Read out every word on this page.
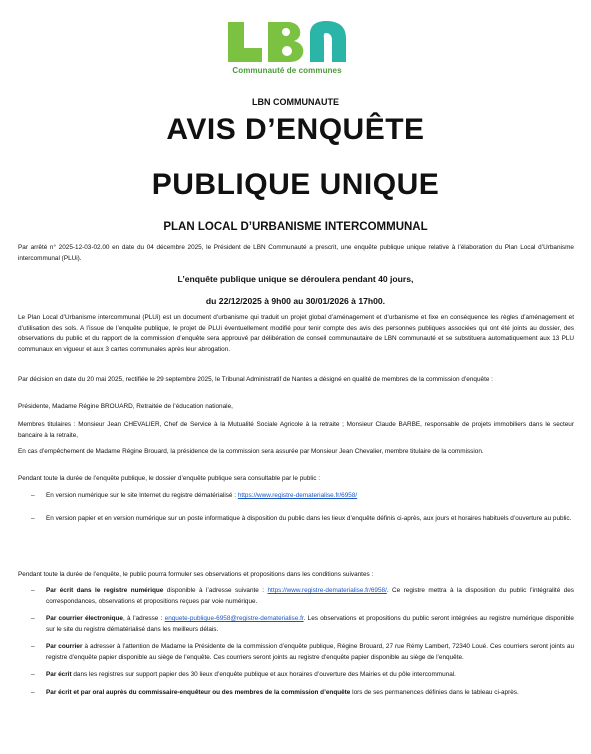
Communauté de communes
LBN COMMUNAUTE
AVIS D’ENQUÊTE
PUBLIQUE UNIQUE
PLAN LOCAL D’URBANISME INTERCOMMUNAL

Par arrêté n° 2025-12-03-02.00 en date du 04 décembre 2025, le Président de LBN Communauté a prescrit, une enquête publique unique relative à l’élaboration du Plan Local d’Urbanisme intercommunal (PLUi).

L’enquête publique unique se déroulera pendant 40 jours,
du 22/12/2025 à 9h00 au 30/01/2026 à 17h00.

Le Plan Local d’Urbanisme intercommunal (PLUi) est un document d’urbanisme qui traduit un projet global d’aménagement et d’urbanisme et fixe en conséquence les règles d’aménagement et d’utilisation des sols. A l’issue de l’enquête publique, le projet de PLUi éventuellement modifié pour tenir compte des avis des personnes publiques associées qui ont été joints au dossier, des observations du public et du rapport de la commission d’enquête sera approuvé par délibération de conseil communautaire de LBN communauté et se substituera automatiquement aux 13 PLU communaux en vigueur et aux 3 cartes communales après leur abrogation.

Par décision en date du 20 mai 2025, rectifiée le 29 septembre 2025, le Tribunal Administratif de Nantes a désigné en qualité de membres de la commission d’enquête :

Présidente, Madame Régine BROUARD, Retraitée de l’éducation nationale,

Membres titulaires : Monsieur Jean CHEVALIER, Chef de Service à la Mutualité Sociale Agricole à la retraite ; Monsieur Claude BARBE, responsable de projets immobiliers dans le secteur bancaire à la retraite,

En cas d’empêchement de Madame Régine Brouard, la présidence de la commission sera assurée par Monsieur Jean Chevalier, membre titulaire de la commission.

Pendant toute la durée de l’enquête publique, le dossier d’enquête publique sera consultable par le public :

– En version numérique sur le site Internet du registre dématérialisé : https://www.registre-dematerialise.fr/6958/
– En version papier et en version numérique sur un poste informatique à disposition du public dans les lieux d’enquête définis ci-après, aux jours et horaires habituels d’ouverture au public.

Pendant toute la durée de l’enquête, le public pourra formuler ses observations et propositions dans les conditions suivantes :

– Par écrit dans le registre numérique disponible à l’adresse suivante : https://www.registre-dematerialise.fr/6958/. Ce registre mettra à la disposition du public l’intégralité des correspondances, observations et propositions reçues par voie numérique.
– Par courrier électronique, à l’adresse : enquete-publique-6958@registre-dematerialise.fr. Les observations et propositions du public seront intégrées au registre numérique disponible sur le site du registre dématérialisé dans les meilleurs délais.
– Par courrier à adresser à l’attention de Madame la Présidente de la commission d’enquête publique, Régine Brouard, 27 rue Rémy Lambert, 72340 Loué. Ces courriers seront joints au registre d’enquête papier disponible au siège de l’enquête. Ces courriers seront joints au registre d’enquête papier disponible au siège de l’enquête.
– Par écrit dans les registres sur support papier des 30 lieux d’enquête publique et aux horaires d’ouverture des Mairies et du pôle intercommunal.
– Par écrit et par oral auprès du commissaire-enquêteur ou des membres de la commission d’enquête lors de ses permanences définies dans le tableau ci-après.
